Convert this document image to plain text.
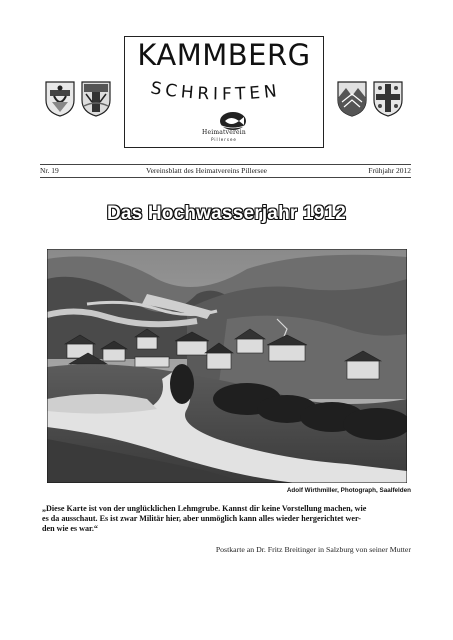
KAMMBERG
SCHRIFTEN
Heimatverein
Pillersee
Nr. 19	Vereinsblatt des Heimatvereins Pillersee	Frühjahr 2012
Das Hochwasserjahr 1912
Adolf Wirthmiller, Photograph, Saalfelden
„Diese Karte ist von der unglücklichen Lehmgrube. Kannst dir keine Vorstellung machen, wie
es da ausschaut. Es ist zwar Militär hier, aber unmöglich kann alles wieder hergerichtet wer-
den wie es war.“
Postkarte an Dr. Fritz Breitinger in Salzburg von seiner Mutter
